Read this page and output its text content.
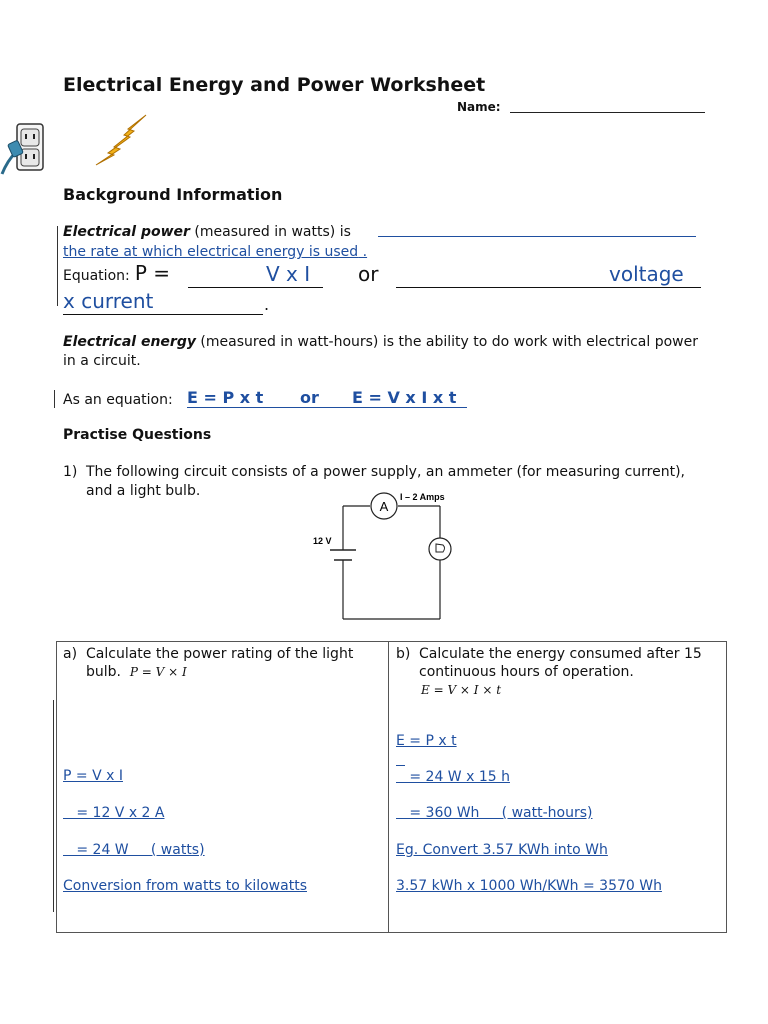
Electrical Energy and Power Worksheet
Name:
Background Information
Electrical power (measured in watts) is
the rate at which electrical energy is used .
Equation: P =	V x I or	voltage
x current	.
Electrical energy (measured in watt-hours) is the ability to do work with electrical power in a circuit.
As an equation: E = P x t or E = V x I x t
Practise Questions
1) The following circuit consists of a power supply, an ammeter (for measuring current), and a light bulb.
12 V
A
I – 2 Amps
a) Calculate the power rating of the light bulb. P = V × I
P = V x I
= 12 V x 2 A
= 24 W     ( watts)
Conversion from watts to kilowatts

b) Calculate the energy consumed after 15 continuous hours of operation.
E = V × I × t
E = P x t
= 24 W x 15 h
= 360 Wh     ( watt-hours)
Eg. Convert 3.57 KWh into Wh
3.57 kWh x 1000 Wh/KWh = 3570 Wh
